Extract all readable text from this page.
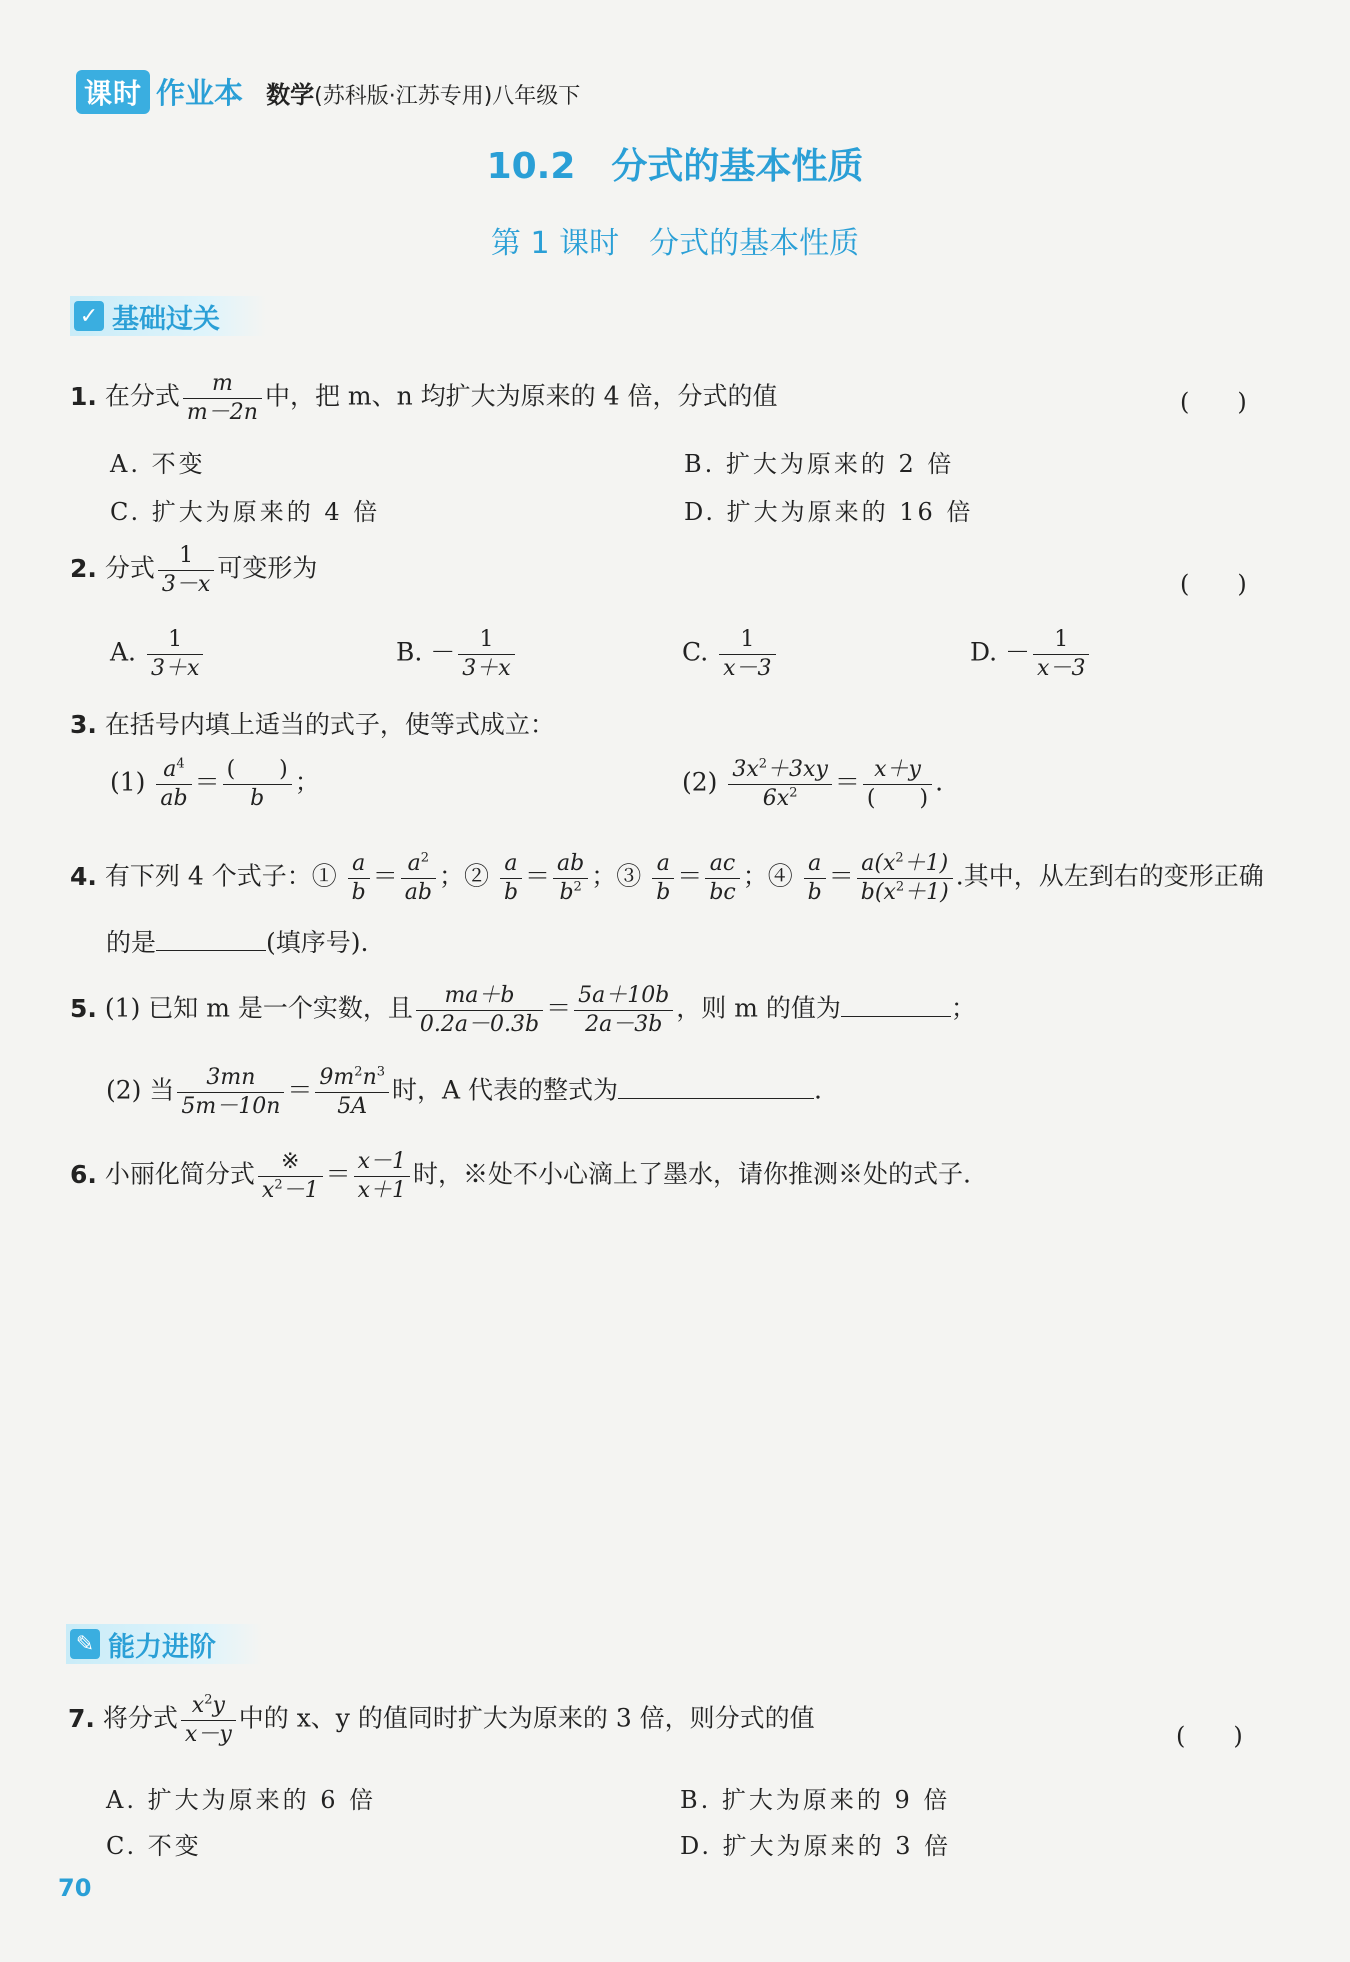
课时 作业本 数学(苏科版·江苏专用)八年级下
10.2　分式的基本性质
第 1 课时　分式的基本性质
✓ 基础过关
1. 在分式 $\frac{m}{m-2n}$ 中，把 m、n 均扩大为原来的 4 倍，分式的值	(　　)
A. 不变	B. 扩大为原来的 2 倍
C. 扩大为原来的 4 倍	D. 扩大为原来的 16 倍
2. 分式 $\frac{1}{3-x}$ 可变形为
(　　)
A. $\frac{1}{3+x}$	B. － $\frac{1}{3+x}$	C. $\frac{1}{x-3}$	D. － $\frac{1}{x-3}$
3. 在括号内填上适当的式子，使等式成立：
$(1) \frac{a^4}{ab} = \frac{( )}{b}$ ；	$(2) \frac{3x^2+3xy}{6x^2} = \frac{x+y}{( )}$ .
4. 有下列 4 个式子：① $\frac{a}{b} = \frac{a^2}{ab}$ ；② $\frac{a}{b} = \frac{ab}{b^2}$ ；③ $\frac{a}{b} = \frac{ac}{bc}$ ；④ $\frac{a}{b} = \frac{a(x^2+1)}{b(x^2+1)}$ .其中，从左到右的变形正确
的是	(填序号).
5. (1) 已知 m 是一个实数，且 $\frac{ma+b}{0.2a-0.3b} = \frac{5a+10b}{2a-3b}$ ，则 m 的值为	；
(2) 当 $\frac{3mn}{5m-10n} = \frac{9m^2n^3}{5A}$ 时，A 代表的整式为	.
6. 小丽化简分式 $\frac{※}{x^2-1} = \frac{x-1}{x+1}$ 时，※处不小心滴上了墨水，请你推测※处的式子.
✎ 能力进阶
7. 将分式 $\frac{x^2y}{x-y}$ 中的 x、y 的值同时扩大为原来的 3 倍，则分式的值
(　　)
A. 扩大为原来的 6 倍	B. 扩大为原来的 9 倍
C. 不变	D. 扩大为原来的 3 倍
70
